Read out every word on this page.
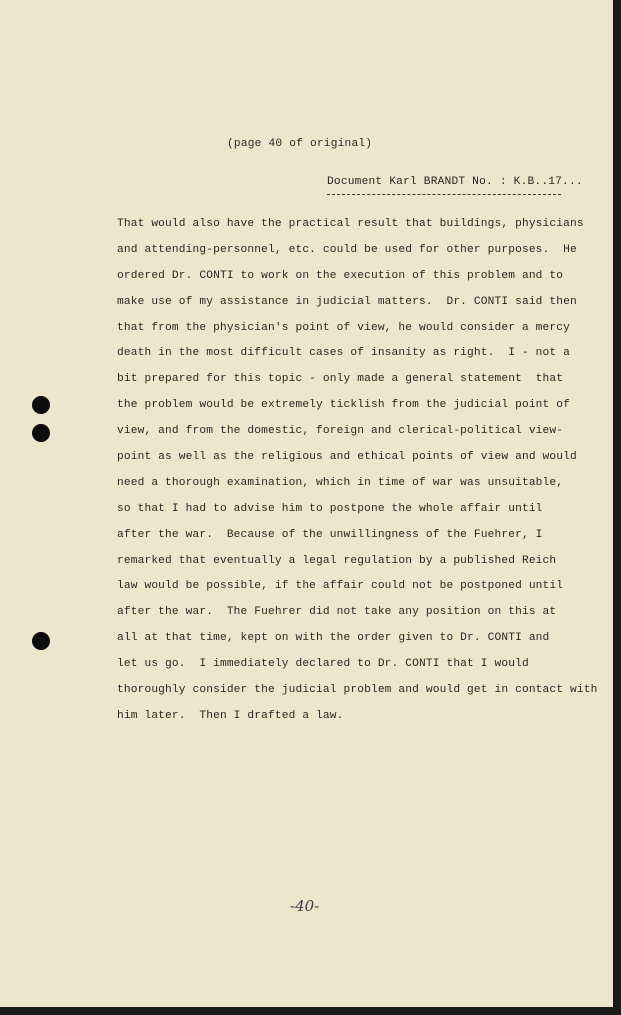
(page 40 of original)
Document Karl BRANDT No. : K.B..17...
That would also have the practical result that buildings, physicians
and attending-personnel, etc. could be used for other purposes.  He
ordered Dr. CONTI to work on the execution of this problem and to
make use of my assistance in judicial matters.  Dr. CONTI said then
that from the physician's point of view, he would consider a mercy
death in the most difficult cases of insanity as right.  I - not a
bit prepared for this topic - only made a general statement  that
the problem would be extremely ticklish from the judicial point of
view, and from the domestic, foreign and clerical-political view-
point as well as the religious and ethical points of view and would
need a thorough examination, which in time of war was unsuitable,
so that I had to advise him to postpone the whole affair until
after the war.  Because of the unwillingness of the Fuehrer, I
remarked that eventually a legal regulation by a published Reich
law would be possible, if the affair could not be postponed until
after the war.  The Fuehrer did not take any position on this at
all at that time, kept on with the order given to Dr. CONTI and
let us go.  I immediately declared to Dr. CONTI that I would
thoroughly consider the judicial problem and would get in contact with
him later.  Then I drafted a law.
-40-
